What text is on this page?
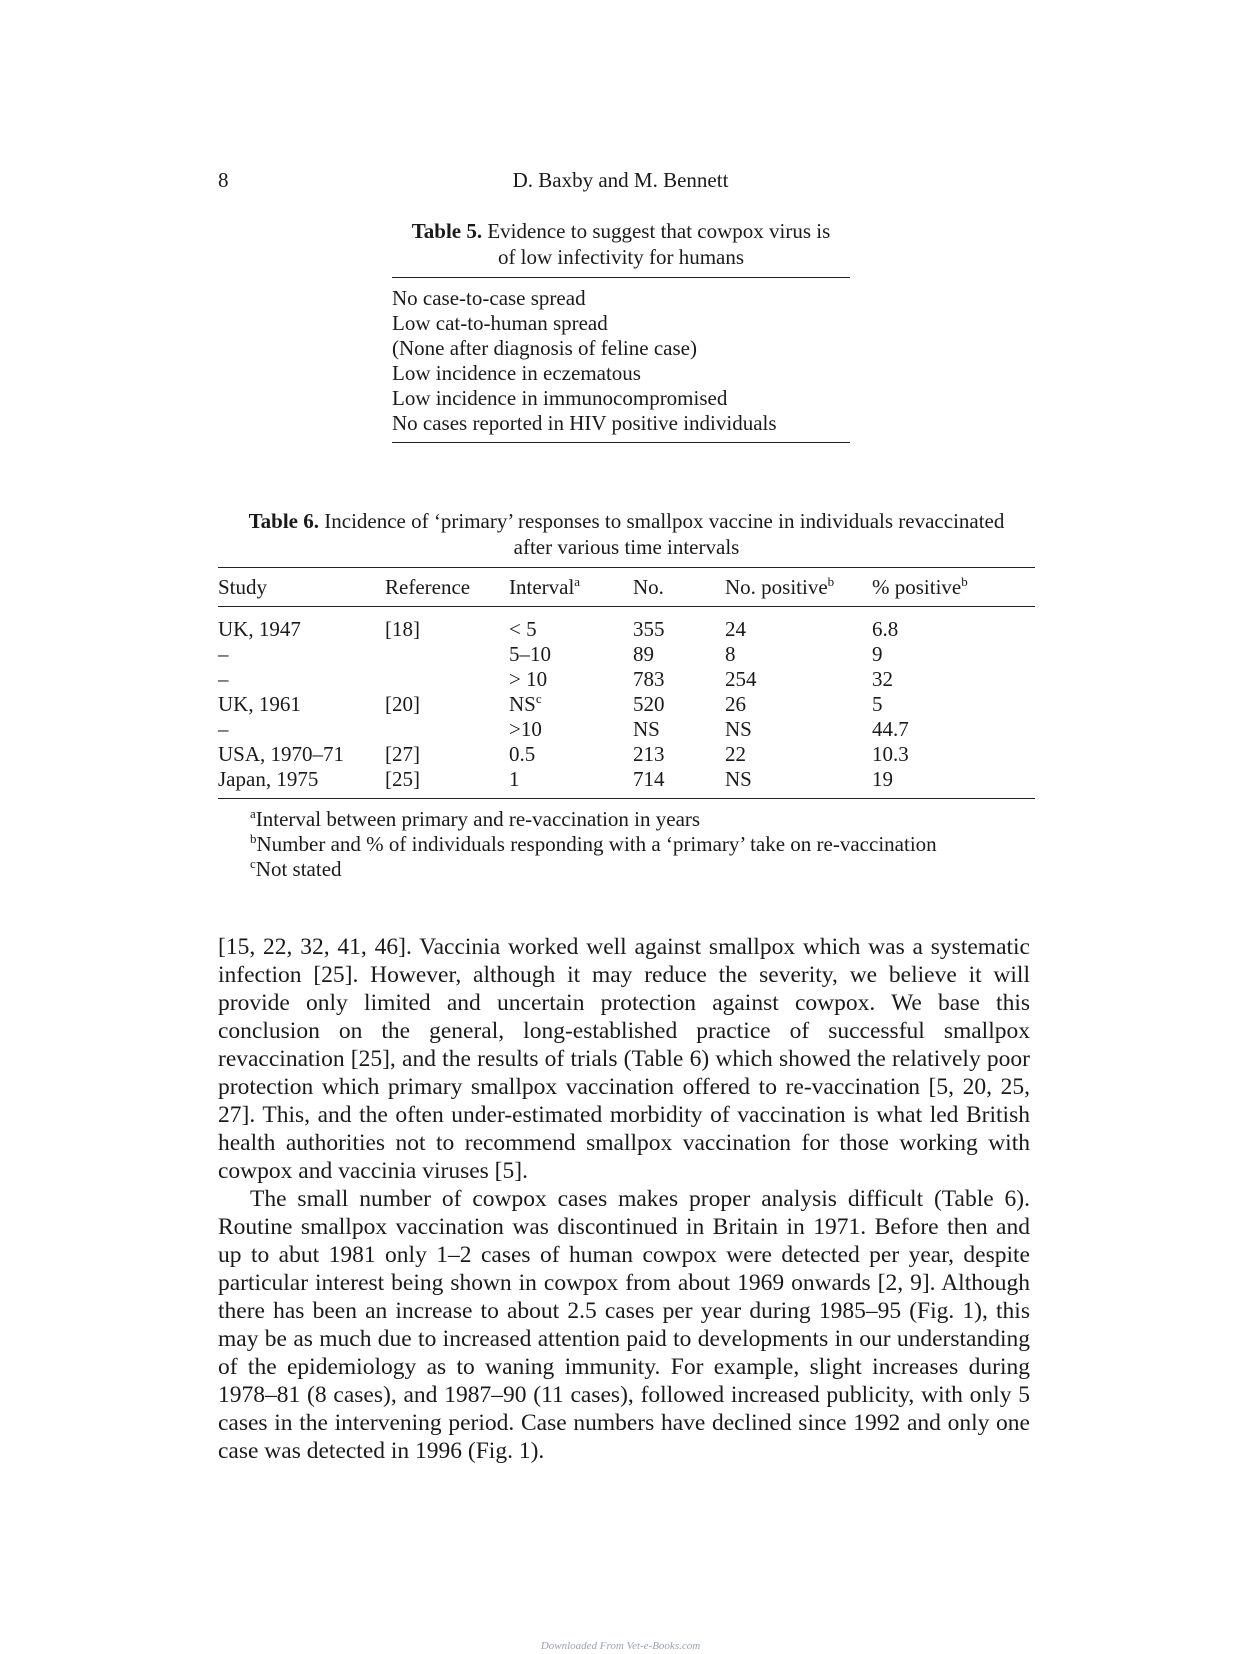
8	D. Baxby and M. Bennett
Table 5. Evidence to suggest that cowpox virus is
of low infectivity for humans
No case-to-case spread
Low cat-to-human spread
(None after diagnosis of feline case)
Low incidence in eczematous
Low incidence in immunocompromised
No cases reported in HIV positive individuals
Table 6. Incidence of ‘primary’ responses to smallpox vaccine in individuals revaccinated
after various time intervals
Study	Reference	Interval$^a$	No.	No. positive$^b$	% positive$^b$
UK, 1947	[18]	< 5	355	24	6.8
–		5–10	89	8	9
–		> 10	783	254	32
UK, 1961	[20]	$NS^c$	520	26	5
–		>10	NS	NS	44.7
USA, 1970–71	[27]	0.5	213	22	10.3
Japan, 1975	[25]	1	714	NS	19

$^a$Interval between primary and re-vaccination in years

$^b$Number and % of individuals responding with a ‘primary’ take on re-vaccination

$^c$Not stated

[15, 22, 32, 41, 46]. Vaccinia worked well against smallpox which was a systematic infection [25]. However, although it may reduce the severity, we believe it will provide only limited and uncertain protection against cowpox. We base this conclusion on the general, long-established practice of successful smallpox revaccination [25], and the results of trials (Table 6) which showed the relatively poor protection which primary smallpox vaccination offered to re-vaccination [5, 20, 25, 27]. This, and the often under-estimated morbidity of vaccination is what led British health authorities not to recommend smallpox vaccination for those working with cowpox and vaccinia viruses [5].

The small number of cowpox cases makes proper analysis difficult (Table 6). Routine smallpox vaccination was discontinued in Britain in 1971. Before then and up to abut 1981 only 1–2 cases of human cowpox were detected per year, despite particular interest being shown in cowpox from about 1969 onwards [2, 9]. Although there has been an increase to about 2.5 cases per year during 1985–95 (Fig. 1), this may be as much due to increased attention paid to developments in our understanding of the epidemiology as to waning immunity. For example, slight increases during 1978–81 (8 cases), and 1987–90 (11 cases), followed increased publicity, with only 5 cases in the intervening period. Case numbers have declined since 1992 and only one case was detected in 1996 (Fig. 1).

Downloaded From Vet-e-Books.com
